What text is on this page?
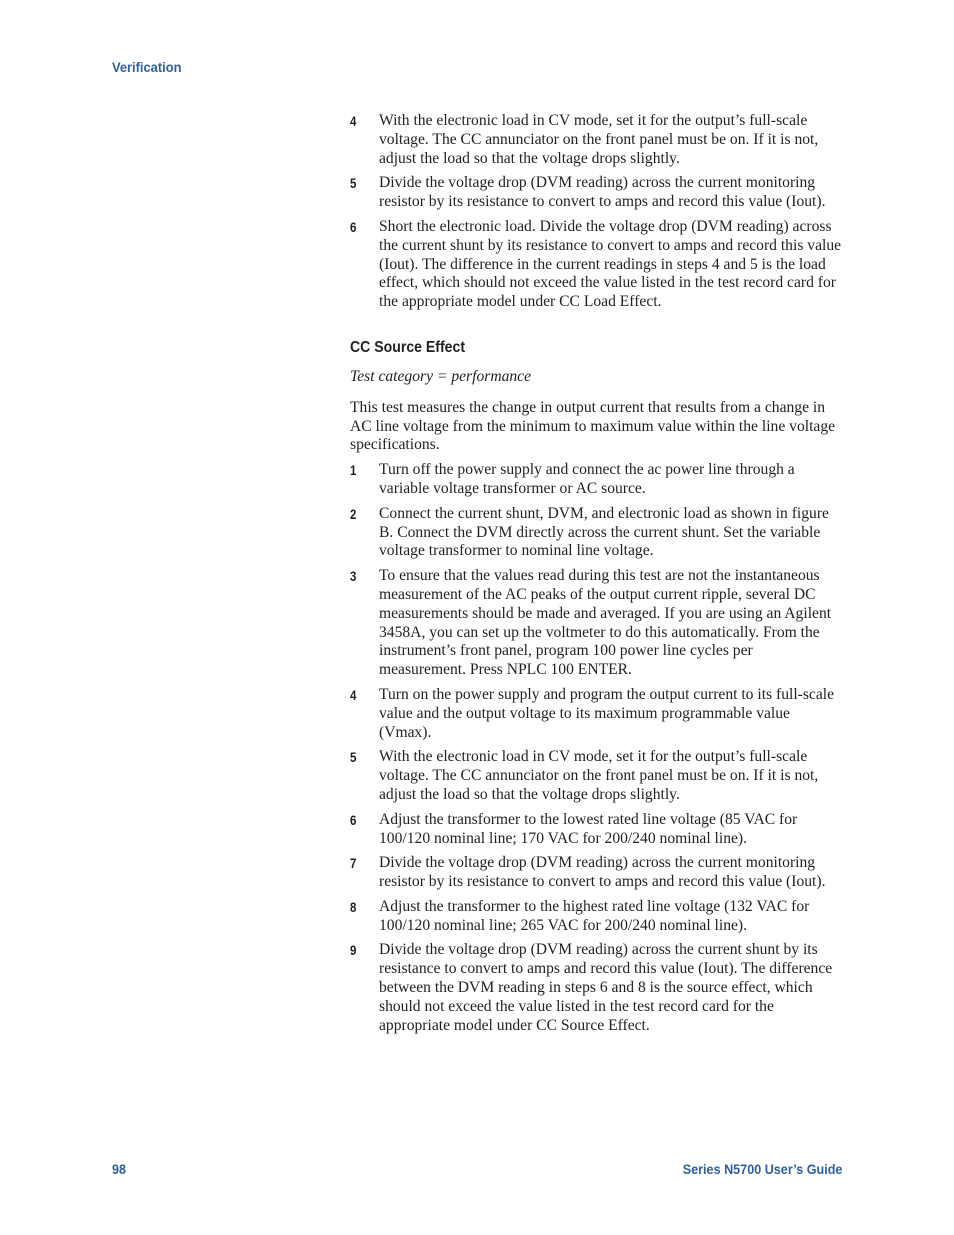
Verification
4 With the electronic load in CV mode, set it for the output’s full-scale voltage. The CC annunciator on the front panel must be on. If it is not, adjust the load so that the voltage drops slightly.
5 Divide the voltage drop (DVM reading) across the current monitoring resistor by its resistance to convert to amps and record this value (Iout).
6 Short the electronic load. Divide the voltage drop (DVM reading) across the current shunt by its resistance to convert to amps and record this value (Iout). The difference in the current readings in steps 4 and 5 is the load effect, which should not exceed the value listed in the test record card for the appropriate model under CC Load Effect.
CC Source Effect
Test category = performance
This test measures the change in output current that results from a change in AC line voltage from the minimum to maximum value within the line voltage specifications.
1 Turn off the power supply and connect the ac power line through a variable voltage transformer or AC source.
2 Connect the current shunt, DVM, and electronic load as shown in figure B. Connect the DVM directly across the current shunt. Set the variable voltage transformer to nominal line voltage.
3 To ensure that the values read during this test are not the instantaneous measurement of the AC peaks of the output current ripple, several DC measurements should be made and averaged. If you are using an Agilent 3458A, you can set up the voltmeter to do this automatically. From the instrument’s front panel, program 100 power line cycles per measurement. Press NPLC 100 ENTER.
4 Turn on the power supply and program the output current to its full-scale value and the output voltage to its maximum programmable value (Vmax).
5 With the electronic load in CV mode, set it for the output’s full-scale voltage. The CC annunciator on the front panel must be on. If it is not, adjust the load so that the voltage drops slightly.
6 Adjust the transformer to the lowest rated line voltage (85 VAC for 100/120 nominal line; 170 VAC for 200/240 nominal line).
7 Divide the voltage drop (DVM reading) across the current monitoring resistor by its resistance to convert to amps and record this value (Iout).
8 Adjust the transformer to the highest rated line voltage (132 VAC for 100/120 nominal line; 265 VAC for 200/240 nominal line).
9 Divide the voltage drop (DVM reading) across the current shunt by its resistance to convert to amps and record this value (Iout). The difference between the DVM reading in steps 6 and 8 is the source effect, which should not exceed the value listed in the test record card for the appropriate model under CC Source Effect.
98	Series N5700 User’s Guide
